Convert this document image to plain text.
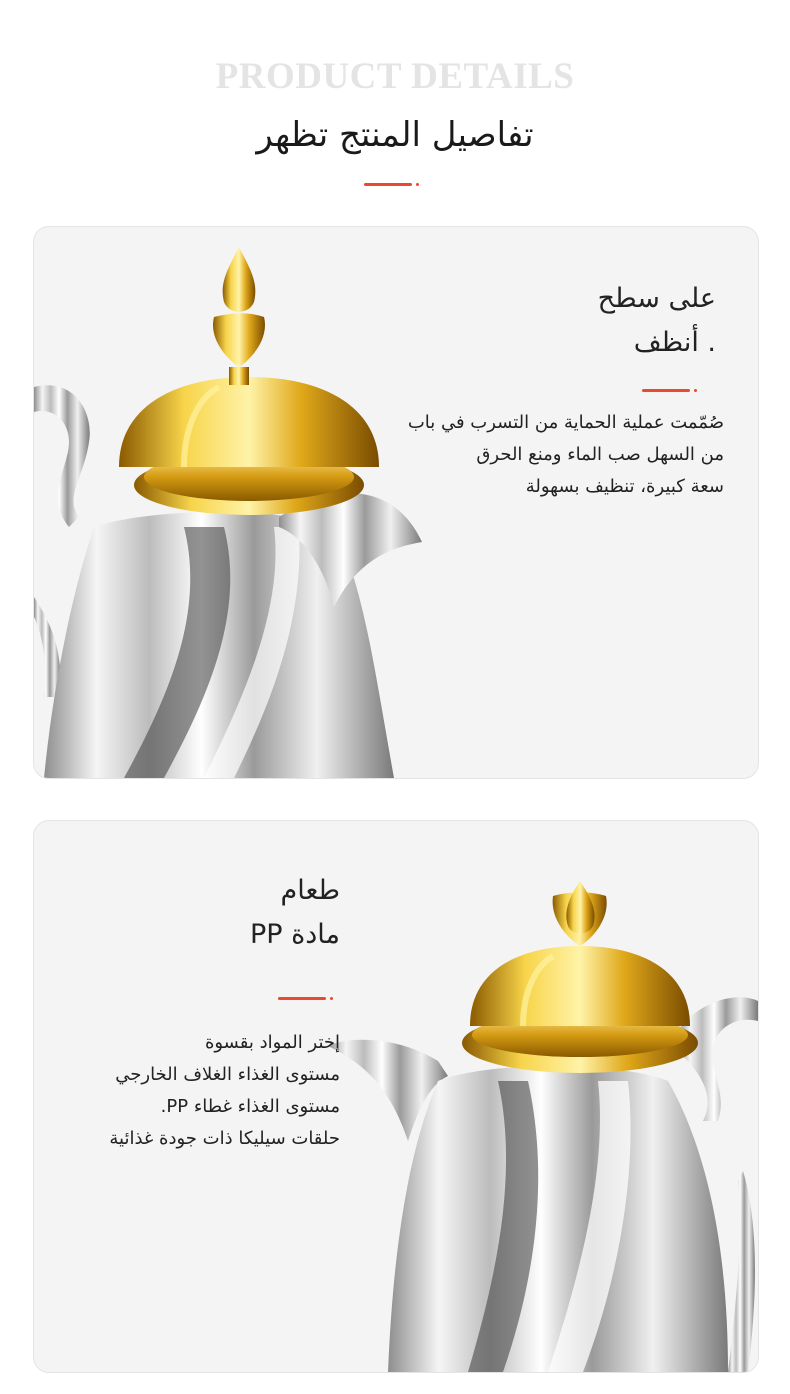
PRODUCT DETAILS
تفاصيل المنتج تظهر
على سطح
. أنظف
صُمّمت عملية الحماية من التسرب في باب
من السهل صب الماء ومنع الحرق
سعة كبيرة، تنظيف بسهولة
طعام
مادة PP
إختر المواد بقسوة
مستوى الغذاء الغلاف الخارجي
مستوى الغذاء غطاء PP.
حلقات سيليكا ذات جودة غذائية
